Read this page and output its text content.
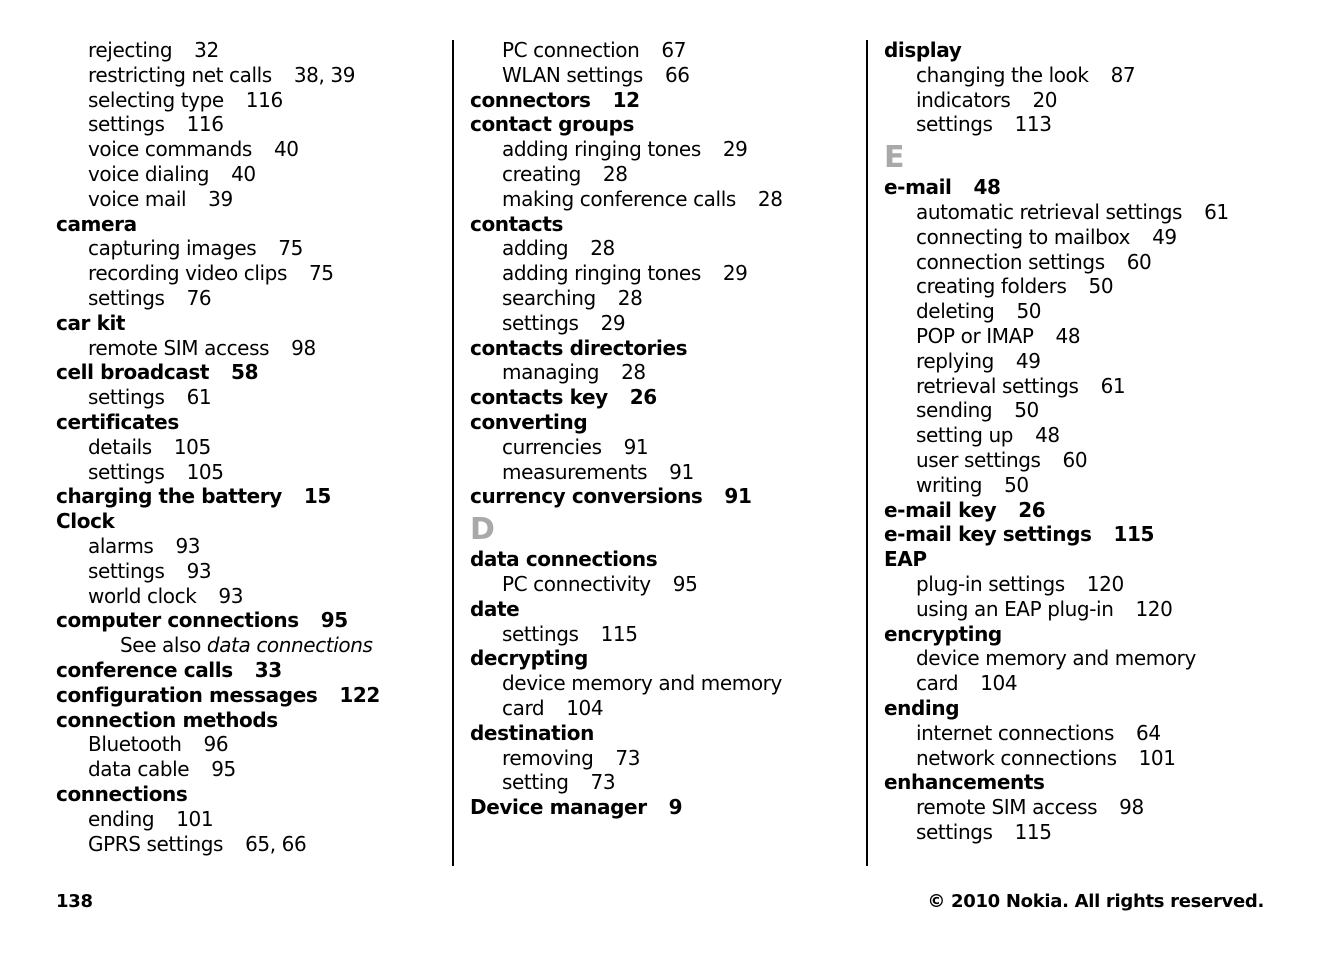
rejecting 32
restricting net calls 38, 39
selecting type 116
settings 116
voice commands 40
voice dialing 40
voice mail 39
camera
capturing images 75
recording video clips 75
settings 76
car kit
remote SIM access 98
cell broadcast 58
settings 61
certificates
details 105
settings 105
charging the battery 15
Clock
alarms 93
settings 93
world clock 93
computer connections 95
See also data connections
conference calls 33
configuration messages 122
connection methods
Bluetooth 96
data cable 95
connections
ending 101
GPRS settings 65, 66
PC connection 67
WLAN settings 66
connectors 12
contact groups
adding ringing tones 29
creating 28
making conference calls 28
contacts
adding 28
adding ringing tones 29
searching 28
settings 29
contacts directories
managing 28
contacts key 26
converting
currencies 91
measurements 91
currency conversions 91
D
data connections
PC connectivity 95
date
settings 115
decrypting
device memory and memory
card 104
destination
removing 73
setting 73
Device manager 9
display
changing the look 87
indicators 20
settings 113
E
e-mail 48
automatic retrieval settings 61
connecting to mailbox 49
connection settings 60
creating folders 50
deleting 50
POP or IMAP 48
replying 49
retrieval settings 61
sending 50
setting up 48
user settings 60
writing 50
e-mail key 26
e-mail key settings 115
EAP
plug-in settings 120
using an EAP plug-in 120
encrypting
device memory and memory
card 104
ending
internet connections 64
network connections 101
enhancements
remote SIM access 98
settings 115
138	© 2010 Nokia. All rights reserved.
